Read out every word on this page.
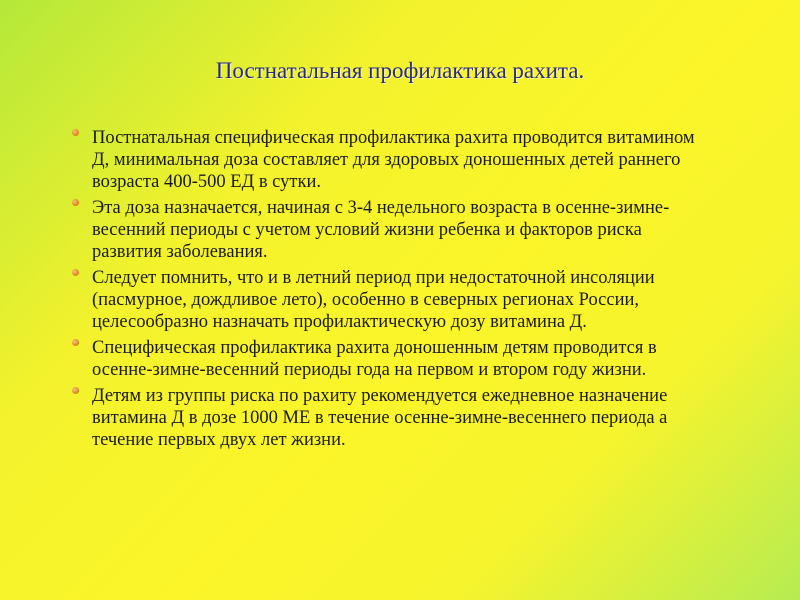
Постнатальная профилактика рахита.
Постнатальная специфическая профилактика рахита проводится витамином Д, минимальная доза составляет для здоровых доношенных детей раннего возраста 400-500 ЕД в сутки.
Эта доза назначается, начиная с 3-4 недельного возраста в осенне-зимне-весенний периоды с учетом условий жизни ребенка и факторов риска развития заболевания.
Следует помнить, что и в летний период при недостаточной инсоляции (пасмурное, дождливое лето), особенно в северных регионах России, целесообразно назначать профилактическую дозу витамина Д.
Специфическая профилактика рахита доношенным детям проводится в осенне-зимне-весенний периоды года на первом и втором году жизни.
Детям из группы риска по рахиту рекомендуется ежедневное назначение витамина Д в дозе 1000 МЕ в течение осенне-зимне-весеннего периода а течение первых двух лет жизни.
